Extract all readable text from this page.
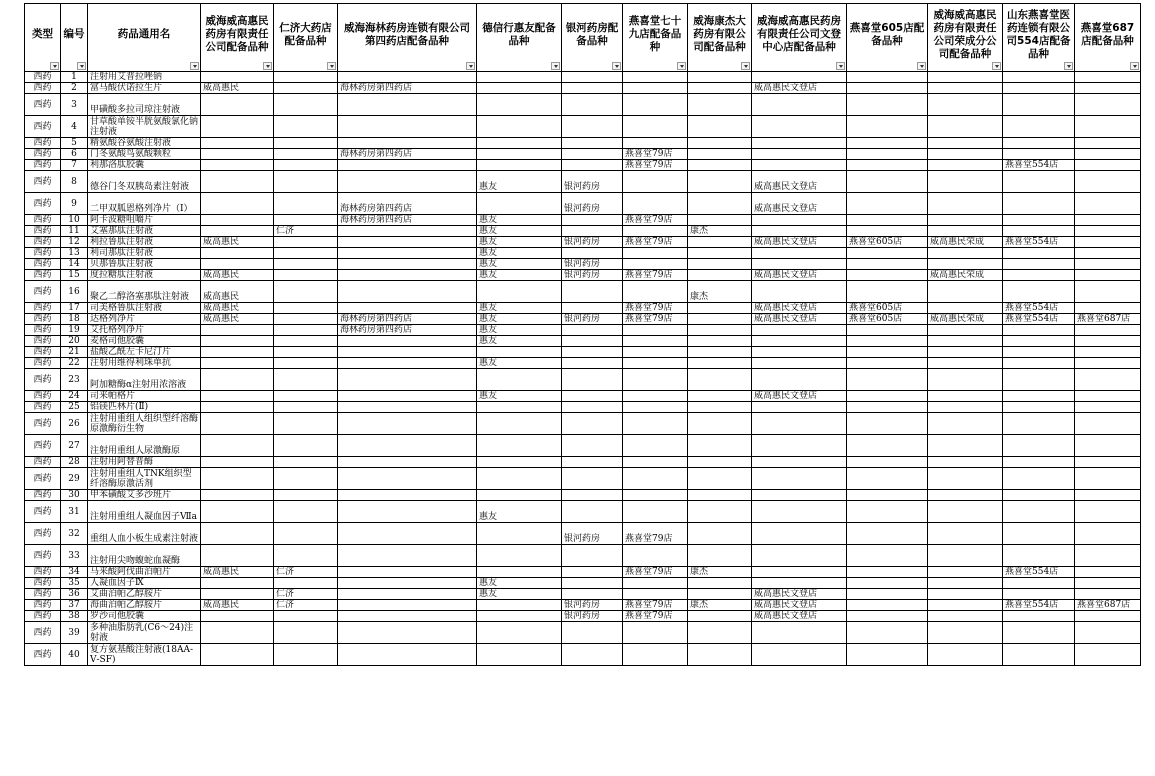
类型	编号	药品通用名	威海威高惠民药房有限责任公司配备品种	仁济大药店配备品种	威海海林药房连锁有限公司第四药店配备品种	德信行惠友配备品种	银河药房配备品种	燕喜堂七十九店配备品种	威海康杰大药房有限公司配备品种	威海威高惠民药房有限责任公司文登中心店配备品种	燕喜堂605店配备品种	威海威高惠民药房有限责任公司荣成分公司配备品种	山东燕喜堂医药连锁有限公司554店配备品种	燕喜堂687店配备品种

西药	1	注射用艾普拉唑钠												
西药	2	富马酸伏诺拉生片	威高惠民		海林药房第四药店					威高惠民文登店				
西药	3	甲磺酸多拉司琼注射液												
西药	4	甘草酸单铵半胱氨酸氯化钠注射液												
西药	5	精氨酸谷氨酸注射液												
西药	6	门冬氨酸鸟氨酸颗粒			海林药房第四药店			燕喜堂79店						
西药	7	利那洛肽胶囊						燕喜堂79店					燕喜堂554店	
西药	8	德谷门冬双胰岛素注射液				惠友	银河药房			威高惠民文登店				
西药	9	二甲双胍恩格列净片（Ⅰ）			海林药房第四药店		银河药房			威高惠民文登店				
西药	10	阿卡波糖咀嚼片			海林药房第四药店	惠友		燕喜堂79店						
西药	11	艾塞那肽注射液		仁济		惠友			康杰					
西药	12	利拉鲁肽注射液	威高惠民			惠友	银河药房	燕喜堂79店		威高惠民文登店	燕喜堂605店	威高惠民荣成	燕喜堂554店	
西药	13	利司那肽注射液				惠友								
西药	14	贝那鲁肽注射液				惠友	银河药房							
西药	15	度拉糖肽注射液	威高惠民			惠友	银河药房	燕喜堂79店		威高惠民文登店		威高惠民荣成		
西药	16	聚乙二醇洛塞那肽注射液	威高惠民						康杰					
西药	17	司美格鲁肽注射液	威高惠民			惠友		燕喜堂79店		威高惠民文登店	燕喜堂605店		燕喜堂554店	
西药	18	达格列净片	威高惠民		海林药房第四药店	惠友	银河药房	燕喜堂79店		威高惠民文登店	燕喜堂605店	威高惠民荣成	燕喜堂554店	燕喜堂687店
西药	19	艾托格列净片			海林药房第四药店	惠友								
西药	20	麦格司他胶囊				惠友								
西药	21	盐酸乙酰左卡尼汀片												
西药	22	注射用维得利珠单抗				惠友								
西药	23	阿加糖酶α注射用浓溶液												
西药	24	司来帕格片				惠友				威高惠民文登店				
西药	25	铝镁匹林片(Ⅱ)												
西药	26	注射用重组人组织型纤溶酶原激酶衍生物												
西药	27	注射用重组人尿激酶原												
西药	28	注射用阿替普酶												
西药	29	注射用重组人TNK组织型纤溶酶原激活剂												
西药	30	甲苯磺酸艾多沙班片												
西药	31	注射用重组人凝血因子Ⅶa				惠友								
西药	32	重组人血小板生成素注射液					银河药房	燕喜堂79店						
西药	33	注射用尖吻蝮蛇血凝酶												
西药	34	马来酸阿伐曲泊帕片	威高惠民	仁济				燕喜堂79店	康杰				燕喜堂554店	
西药	35	人凝血因子Ⅸ				惠友								
西药	36	艾曲泊帕乙醇胺片		仁济		惠友				威高惠民文登店				
西药	37	海曲泊帕乙醇胺片	威高惠民	仁济			银河药房	燕喜堂79店	康杰	威高惠民文登店			燕喜堂554店	燕喜堂687店
西药	38	罗沙司他胶囊					银河药房	燕喜堂79店		威高惠民文登店				
西药	39	多种油脂肪乳(C6～24)注射液												
西药	40	复方氨基酸注射液(18AA-Ⅴ-SF)												
